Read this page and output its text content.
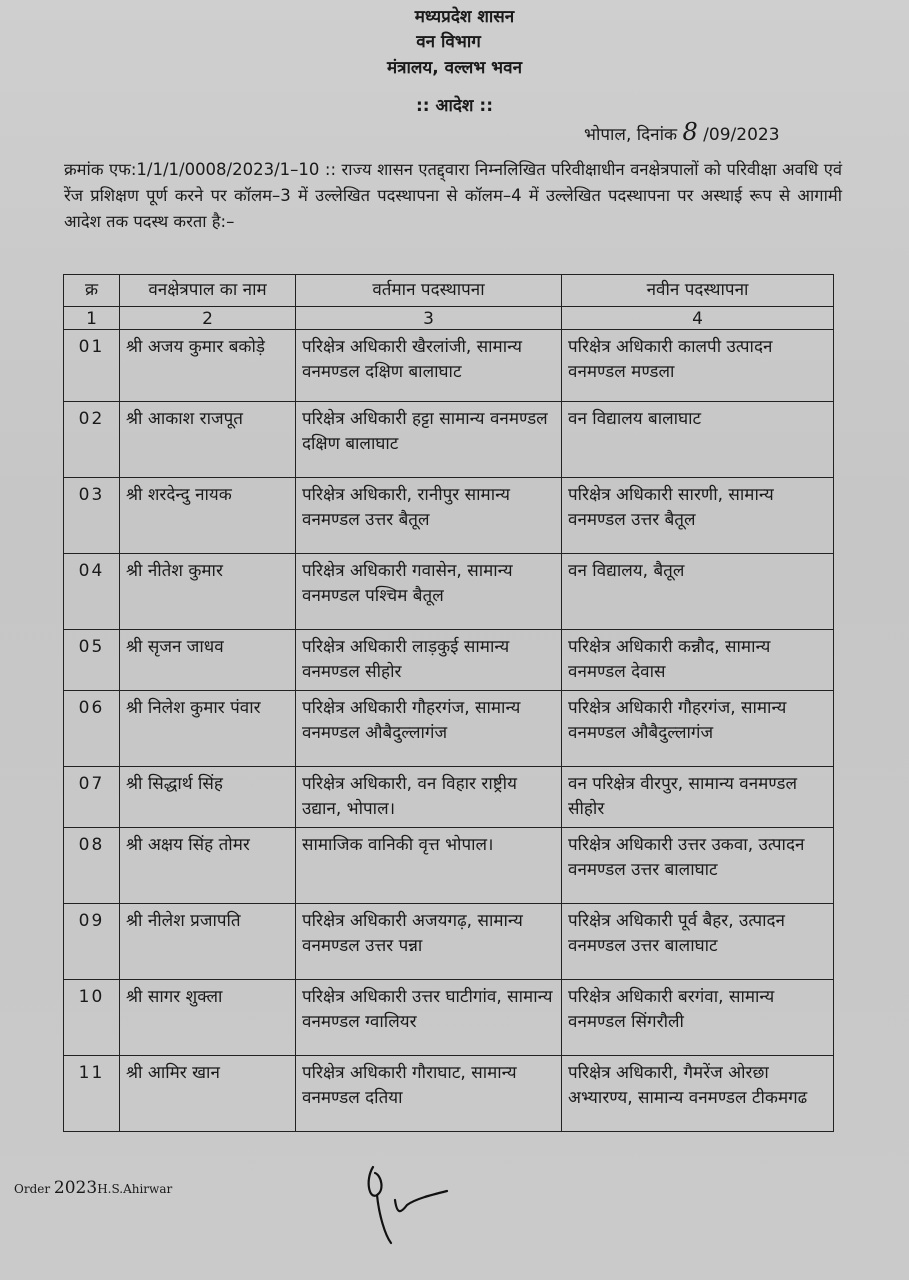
मध्यप्रदेश शासन
वन विभाग
मंत्रालय, वल्लभ भवन
:: आदेश ::
भोपाल, दिनांक 8 /09/2023
क्रमांक एफ:1/1/1/0008/2023/1–10 :: राज्य शासन एतद्द्वारा निम्नलिखित परिवीक्षाधीन वनक्षेत्रपालों को परिवीक्षा अवधि एवं रेंज प्रशिक्षण पूर्ण करने पर कॉलम–3 में उल्लेखित पदस्थापना से कॉलम–4 में उल्लेखित पदस्थापना पर अस्थाई रूप से आगामी आदेश तक पदस्थ करता है:–
क्र	वनक्षेत्रपाल का नाम	वर्तमान पदस्थापना	नवीन पदस्थापना
1	2	3	4
01	श्री अजय कुमार बकोड़े	परिक्षेत्र अधिकारी खैरलांजी, सामान्य वनमण्डल दक्षिण बालाघाट	परिक्षेत्र अधिकारी कालपी उत्पादन वनमण्डल मण्डला
02	श्री आकाश राजपूत	परिक्षेत्र अधिकारी हट्टा सामान्य वनमण्डल दक्षिण बालाघाट	वन विद्यालय बालाघाट
03	श्री शरदेन्दु नायक	परिक्षेत्र अधिकारी, रानीपुर सामान्य वनमण्डल उत्तर बैतूल	परिक्षेत्र अधिकारी सारणी, सामान्य वनमण्डल उत्तर बैतूल
04	श्री नीतेश कुमार	परिक्षेत्र अधिकारी गवासेन, सामान्य वनमण्डल पश्चिम बैतूल	वन विद्यालय, बैतूल
05	श्री सृजन जाधव	परिक्षेत्र अधिकारी लाड़कुई सामान्य वनमण्डल सीहोर	परिक्षेत्र अधिकारी कन्नौद, सामान्य वनमण्डल देवास
06	श्री निलेश कुमार पंवार	परिक्षेत्र अधिकारी गौहरगंज, सामान्य वनमण्डल औबैदुल्लागंज	परिक्षेत्र अधिकारी गौहरगंज, सामान्य वनमण्डल औबैदुल्लागंज
07	श्री सिद्धार्थ सिंह	परिक्षेत्र अधिकारी, वन विहार राष्ट्रीय उद्यान, भोपाल।	वन परिक्षेत्र वीरपुर, सामान्य वनमण्डल सीहोर
08	श्री अक्षय सिंह तोमर	सामाजिक वानिकी वृत्त भोपाल।	परिक्षेत्र अधिकारी उत्तर उकवा, उत्पादन वनमण्डल उत्तर बालाघाट
09	श्री नीलेश प्रजापति	परिक्षेत्र अधिकारी अजयगढ़, सामान्य वनमण्डल उत्तर पन्ना	परिक्षेत्र अधिकारी पूर्व बैहर, उत्पादन वनमण्डल उत्तर बालाघाट
10	श्री सागर शुक्ला	परिक्षेत्र अधिकारी उत्तर घाटीगांव, सामान्य वनमण्डल ग्वालियर	परिक्षेत्र अधिकारी बरगंवा, सामान्य वनमण्डल सिंगरौली
11	श्री आमिर खान	परिक्षेत्र अधिकारी गौराघाट, सामान्य वनमण्डल दतिया	परिक्षेत्र अधिकारी, गैमरेंज ओरछा अभ्यारण्य, सामान्य वनमण्डल टीकमगढ
Order 2023H.S.Ahirwar
